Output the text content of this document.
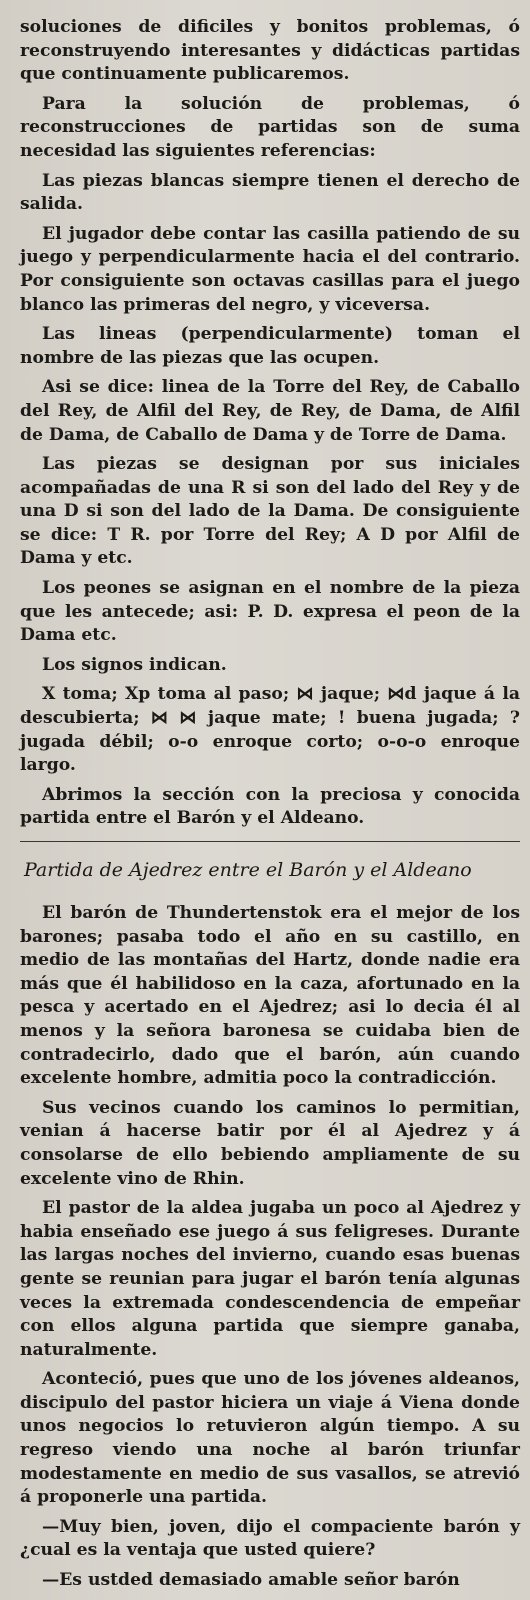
soluciones de dificiles y bonitos problemas, ó reconstruyendo interesantes y didácticas partidas que continuamente publicaremos.

Para la solución de problemas, ó reconstrucciones de partidas son de suma necesidad las siguientes referencias:

Las piezas blancas siempre tienen el derecho de salida.

El jugador debe contar las casilla patiendo de su juego y perpendicularmente hacia el del contrario. Por consiguiente son octavas casillas para el juego blanco las primeras del negro, y viceversa.

Las lineas (perpendicularmente) toman el nombre de las piezas que las ocupen.

Asi se dice: linea de la Torre del Rey, de Caballo del Rey, de Alfil del Rey, de Rey, de Dama, de Alfil de Dama, de Caballo de Dama y de Torre de Dama.

Las piezas se designan por sus iniciales acompañadas de una R si son del lado del Rey y de una D si son del lado de la Dama. De consiguiente se dice: T R. por Torre del Rey; A D por Alfil de Dama y etc.

Los peones se asignan en el nombre de la pieza que les antecede; asi: P. D. expresa el peon de la Dama etc.

Los signos indican.

X toma; Xp toma al paso; ⋈ jaque; ⋈d jaque á la descubierta; ⋈ ⋈ jaque mate; ! buena jugada; ? jugada débil; o-o enroque corto; o-o-o enroque largo.

Abrimos la sección con la preciosa y conocida partida entre el Barón y el Aldeano.

Partida de Ajedrez entre el Barón y el Aldeano

El barón de Thundertenstok era el mejor de los barones; pasaba todo el año en su castillo, en medio de las montañas del Hartz, donde nadie era más que él habilidoso en la caza, afortunado en la pesca y acertado en el Ajedrez; asi lo decia él al menos y la señora baronesa se cuidaba bien de contradecirlo, dado que el barón, aún cuando excelente hombre, admitia poco la contradicción.

Sus vecinos cuando los caminos lo permitian, venian á hacerse batir por él al Ajedrez y á consolarse de ello bebiendo ampliamente de su excelente vino de Rhin.

El pastor de la aldea jugaba un poco al Ajedrez y habia enseñado ese juego á sus feligreses. Durante las largas noches del invierno, cuando esas buenas gente se reunian para jugar el barón tenía algunas veces la extremada condescendencia de empeñar con ellos alguna partida que siempre ganaba, naturalmente.

Aconteció, pues que uno de los jóvenes aldeanos, discipulo del pastor hiciera un viaje á Viena donde unos negocios lo retuvieron algún tiempo. A su regreso viendo una noche al barón triunfar modestamente en medio de sus vasallos, se atrevió á proponerle una partida.

—Muy bien, joven, dijo el compaciente barón y ¿cual es la ventaja que usted quiere?

—Es ustded demasiado amable señor barón
